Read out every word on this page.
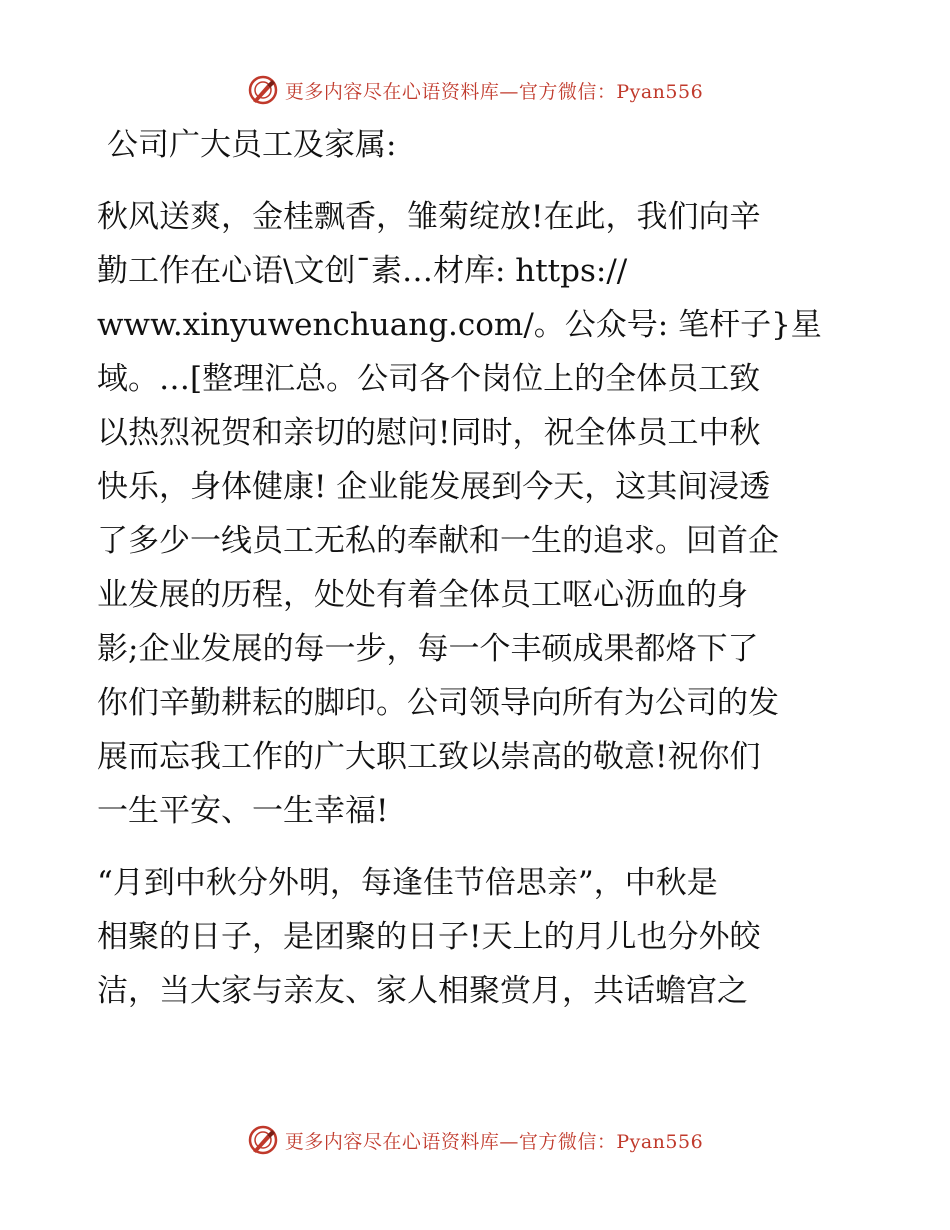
更多内容尽在心语资料库—官方微信：Pyan556

公司广大员工及家属:

秋风送爽，金桂飘香，雏菊绽放!在此，我们向辛
勤工作在心语\文创¯素…材库: https://
www.xinyuwenchuang.com/。公众号: 笔杆子}星
域。…[整理汇总。公司各个岗位上的全体员工致
以热烈祝贺和亲切的慰问!同时，祝全体员工中秋
快乐，身体健康! 企业能发展到今天，这其间浸透
了多少一线员工无私的奉献和一生的追求。回首企
业发展的历程，处处有着全体员工呕心沥血的身
影;企业发展的每一步，每一个丰硕成果都烙下了
你们辛勤耕耘的脚印。公司领导向所有为公司的发
展而忘我工作的广大职工致以崇高的敬意!祝你们
一生平安、一生幸福!

“月到中秋分外明，每逢佳节倍思亲”，中秋是
相聚的日子，是团聚的日子!天上的月儿也分外皎
洁，当大家与亲友、家人相聚赏月，共话蟾宫之

更多内容尽在心语资料库—官方微信：Pyan556
